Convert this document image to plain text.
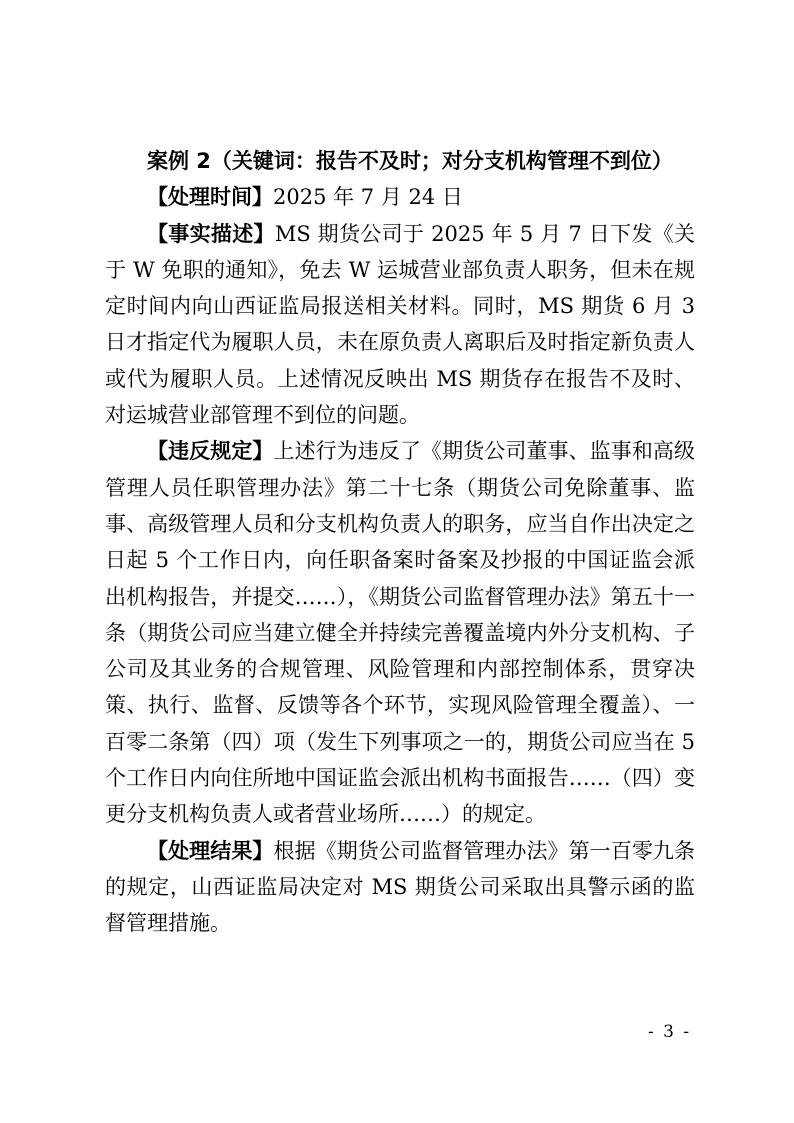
案例 2（关键词：报告不及时；对分支机构管理不到位）

【处理时间】2025 年 7 月 24 日

【事实描述】MS 期货公司于 2025 年 5 月 7 日下发《关于 W 免职的通知》，免去 W 运城营业部负责人职务，但未在规定时间内向山西证监局报送相关材料。同时，MS 期货 6 月 3 日才指定代为履职人员，未在原负责人离职后及时指定新负责人或代为履职人员。上述情况反映出 MS 期货存在报告不及时、对运城营业部管理不到位的问题。

【违反规定】上述行为违反了《期货公司董事、监事和高级管理人员任职管理办法》第二十七条（期货公司免除董事、监事、高级管理人员和分支机构负责人的职务，应当自作出决定之日起 5 个工作日内，向任职备案时备案及抄报的中国证监会派出机构报告，并提交……），《期货公司监督管理办法》第五十一条（期货公司应当建立健全并持续完善覆盖境内外分支机构、子公司及其业务的合规管理、风险管理和内部控制体系，贯穿决策、执行、监督、反馈等各个环节，实现风险管理全覆盖）、一百零二条第（四）项（发生下列事项之一的，期货公司应当在 5 个工作日内向住所地中国证监会派出机构书面报告……（四）变更分支机构负责人或者营业场所……）的规定。

【处理结果】根据《期货公司监督管理办法》第一百零九条的规定，山西证监局决定对 MS 期货公司采取出具警示函的监督管理措施。

- 3 -
